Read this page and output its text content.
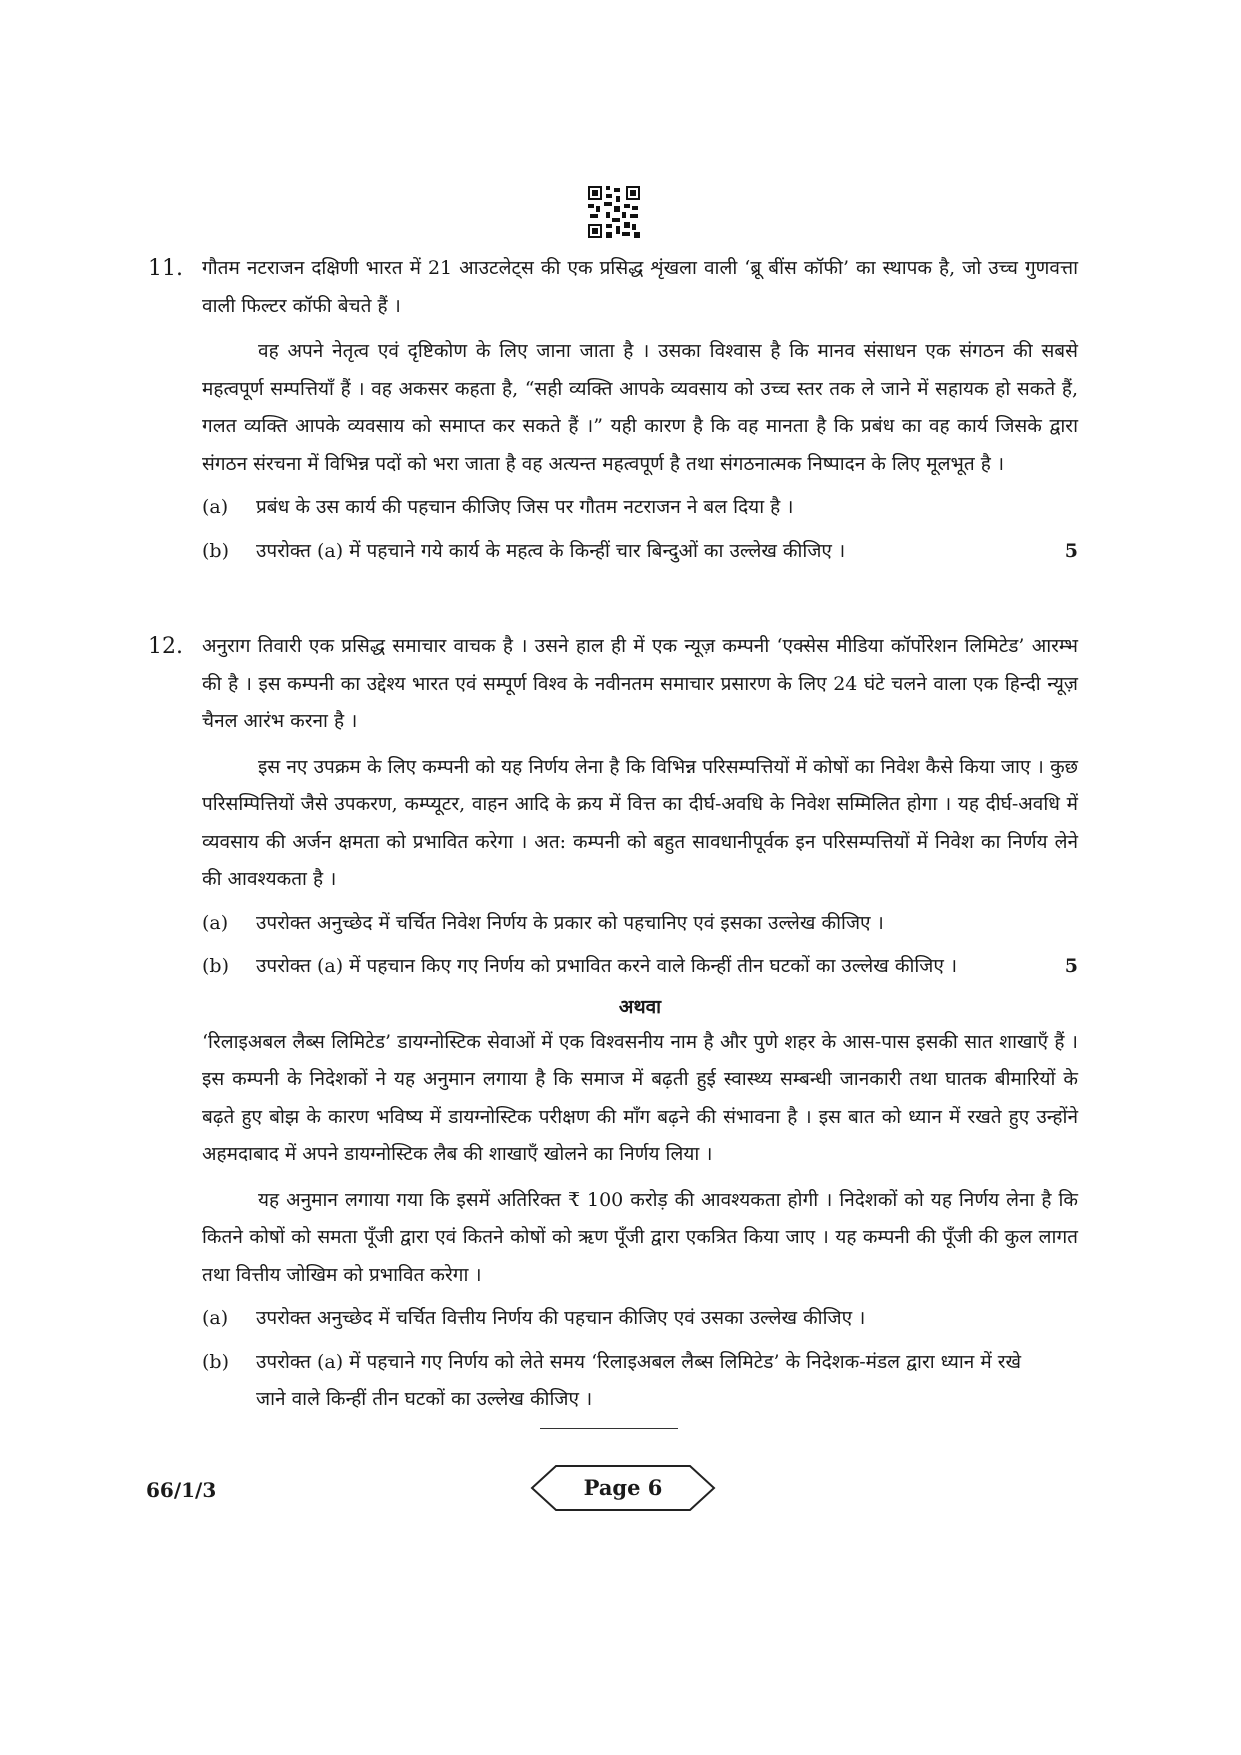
11. गौतम नटराजन दक्षिणी भारत में 21 आउटलेट्स की एक प्रसिद्ध शृंखला वाली ‘ब्रू बींस कॉफी’ का स्थापक है, जो उच्च गुणवत्ता वाली फिल्टर कॉफी बेचते हैं ।

वह अपने नेतृत्व एवं दृष्टिकोण के लिए जाना जाता है । उसका विश्वास है कि मानव संसाधन एक संगठन की सबसे महत्वपूर्ण सम्पत्तियाँ हैं । वह अकसर कहता है, “सही व्यक्ति आपके व्यवसाय को उच्च स्तर तक ले जाने में सहायक हो सकते हैं, गलत व्यक्ति आपके व्यवसाय को समाप्त कर सकते हैं ।” यही कारण है कि वह मानता है कि प्रबंध का वह कार्य जिसके द्वारा संगठन संरचना में विभिन्न पदों को भरा जाता है वह अत्यन्त महत्वपूर्ण है तथा संगठनात्मक निष्पादन के लिए मूलभूत है ।

(a) प्रबंध के उस कार्य की पहचान कीजिए जिस पर गौतम नटराजन ने बल दिया है ।
(b) उपरोक्त (a) में पहचाने गये कार्य के महत्व के किन्हीं चार बिन्दुओं का उल्लेख कीजिए ।	5
12. अनुराग तिवारी एक प्रसिद्ध समाचार वाचक है । उसने हाल ही में एक न्यूज़ कम्पनी ‘एक्सेस मीडिया कॉर्पोरेशन लिमिटेड’ आरम्भ की है । इस कम्पनी का उद्देश्य भारत एवं सम्पूर्ण विश्व के नवीनतम समाचार प्रसारण के लिए 24 घंटे चलने वाला एक हिन्दी न्यूज़ चैनल आरंभ करना है ।

इस नए उपक्रम के लिए कम्पनी को यह निर्णय लेना है कि विभिन्न परिसम्पत्तियों में कोषों का निवेश कैसे किया जाए । कुछ परिसम्पित्तियों जैसे उपकरण, कम्प्यूटर, वाहन आदि के क्रय में वित्त का दीर्घ-अवधि के निवेश सम्मिलित होगा । यह दीर्घ-अवधि में व्यवसाय की अर्जन क्षमता को प्रभावित करेगा । अत: कम्पनी को बहुत सावधानीपूर्वक इन परिसम्पत्तियों में निवेश का निर्णय लेने की आवश्यकता है ।

(a) उपरोक्त अनुच्छेद में चर्चित निवेश निर्णय के प्रकार को पहचानिए एवं इसका उल्लेख कीजिए ।
(b) उपरोक्त (a) में पहचान किए गए निर्णय को प्रभावित करने वाले किन्हीं तीन घटकों का उल्लेख कीजिए ।	5

अथवा

‘रिलाइअबल लैब्स लिमिटेड’ डायग्नोस्टिक सेवाओं में एक विश्वसनीय नाम है और पुणे शहर के आस-पास इसकी सात शाखाएँ हैं । इस कम्पनी के निदेशकों ने यह अनुमान लगाया है कि समाज में बढ़ती हुई स्वास्थ्य सम्बन्धी जानकारी तथा घातक बीमारियों के बढ़ते हुए बोझ के कारण भविष्य में डायग्नोस्टिक परीक्षण की माँग बढ़ने की संभावना है । इस बात को ध्यान में रखते हुए उन्होंने अहमदाबाद में अपने डायग्नोस्टिक लैब की शाखाएँ खोलने का निर्णय लिया ।

यह अनुमान लगाया गया कि इसमें अतिरिक्त ₹ 100 करोड़ की आवश्यकता होगी । निदेशकों को यह निर्णय लेना है कि कितने कोषों को समता पूँजी द्वारा एवं कितने कोषों को ऋण पूँजी द्वारा एकत्रित किया जाए । यह कम्पनी की पूँजी की कुल लागत तथा वित्तीय जोखिम को प्रभावित करेगा ।

(a) उपरोक्त अनुच्छेद में चर्चित वित्तीय निर्णय की पहचान कीजिए एवं उसका उल्लेख कीजिए ।
(b) उपरोक्त (a) में पहचाने गए निर्णय को लेते समय ‘रिलाइअबल लैब्स लिमिटेड’ के निदेशक-मंडल द्वारा ध्यान में रखे जाने वाले किन्हीं तीन घटकों का उल्लेख कीजिए ।
66/1/3	Page 6
